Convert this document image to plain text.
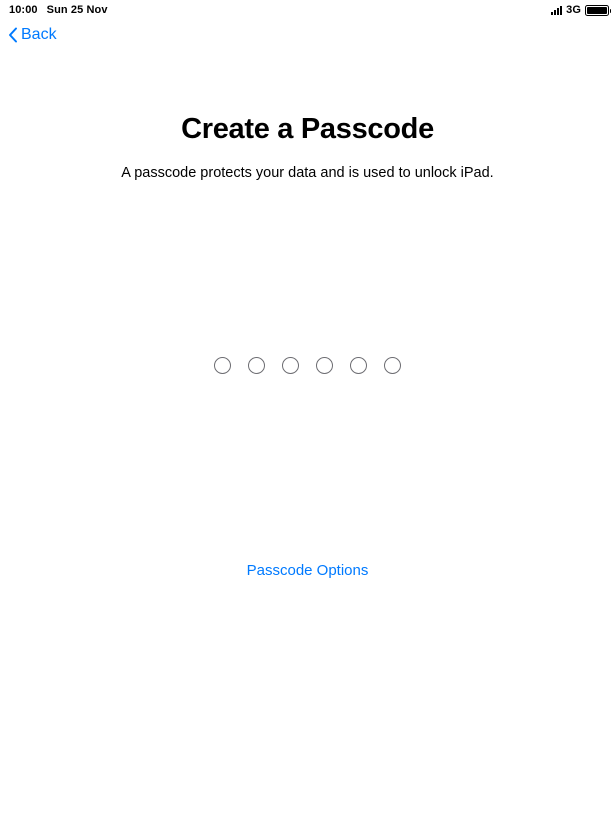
10:00 Sun 25 Nov	3G
Back
Create a Passcode

A passcode protects your data and is used to unlock iPad.

Passcode Options
